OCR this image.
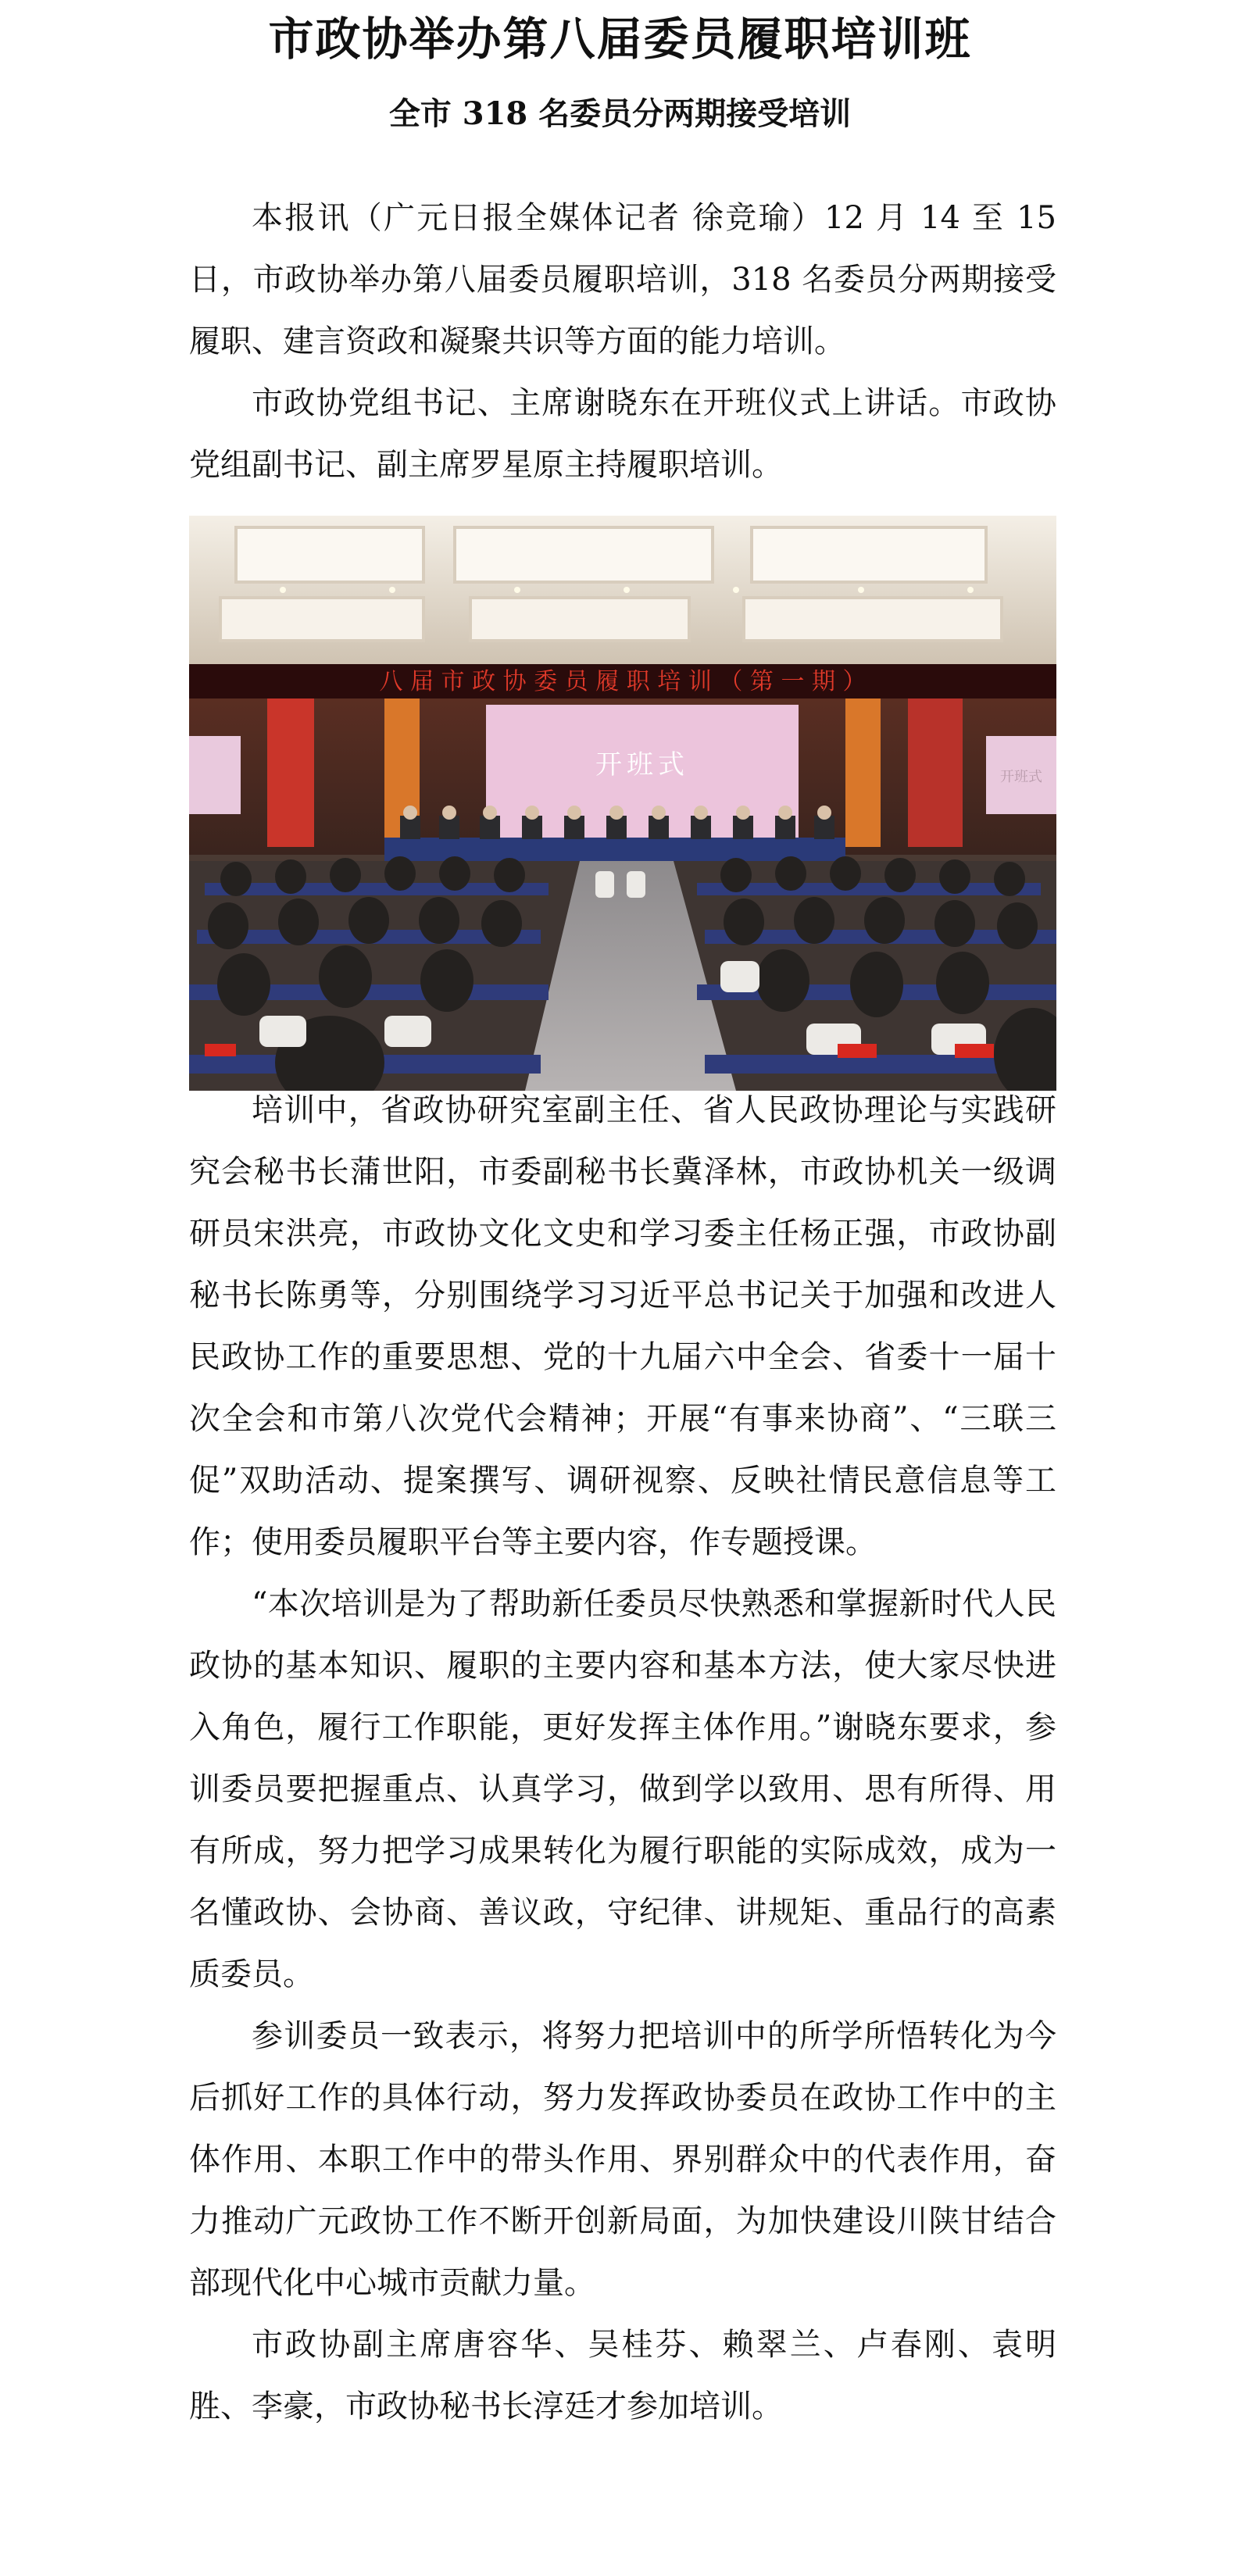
市政协举办第八届委员履职培训班
全市 318 名委员分两期接受培训

本报讯（广元日报全媒体记者 徐竞瑜）12 月 14 至 15 日，市政协举办第八届委员履职培训，318 名委员分两期接受履职、建言资政和凝聚共识等方面的能力培训。

市政协党组书记、主席谢晓东在开班仪式上讲话。市政协党组副书记、副主席罗星原主持履职培训。

八 届 市 政 协 委 员 履 职 培 训 （ 第 一 期 ）
开班式
开班式

培训中，省政协研究室副主任、省人民政协理论与实践研究会秘书长蒲世阳，市委副秘书长冀泽林，市政协机关一级调研员宋洪亮，市政协文化文史和学习委主任杨正强，市政协副秘书长陈勇等，分别围绕学习习近平总书记关于加强和改进人民政协工作的重要思想、党的十九届六中全会、省委十一届十次全会和市第八次党代会精神；开展“有事来协商”、“三联三促”双助活动、提案撰写、调研视察、反映社情民意信息等工作；使用委员履职平台等主要内容，作专题授课。

“本次培训是为了帮助新任委员尽快熟悉和掌握新时代人民政协的基本知识、履职的主要内容和基本方法，使大家尽快进入角色，履行工作职能，更好发挥主体作用。”谢晓东要求，参训委员要把握重点、认真学习，做到学以致用、思有所得、用有所成，努力把学习成果转化为履行职能的实际成效，成为一名懂政协、会协商、善议政，守纪律、讲规矩、重品行的高素质委员。

参训委员一致表示，将努力把培训中的所学所悟转化为今后抓好工作的具体行动，努力发挥政协委员在政协工作中的主体作用、本职工作中的带头作用、界别群众中的代表作用，奋力推动广元政协工作不断开创新局面，为加快建设川陕甘结合部现代化中心城市贡献力量。

市政协副主席唐容华、吴桂芬、赖翠兰、卢春刚、袁明胜、李豪，市政协秘书长淳廷才参加培训。
